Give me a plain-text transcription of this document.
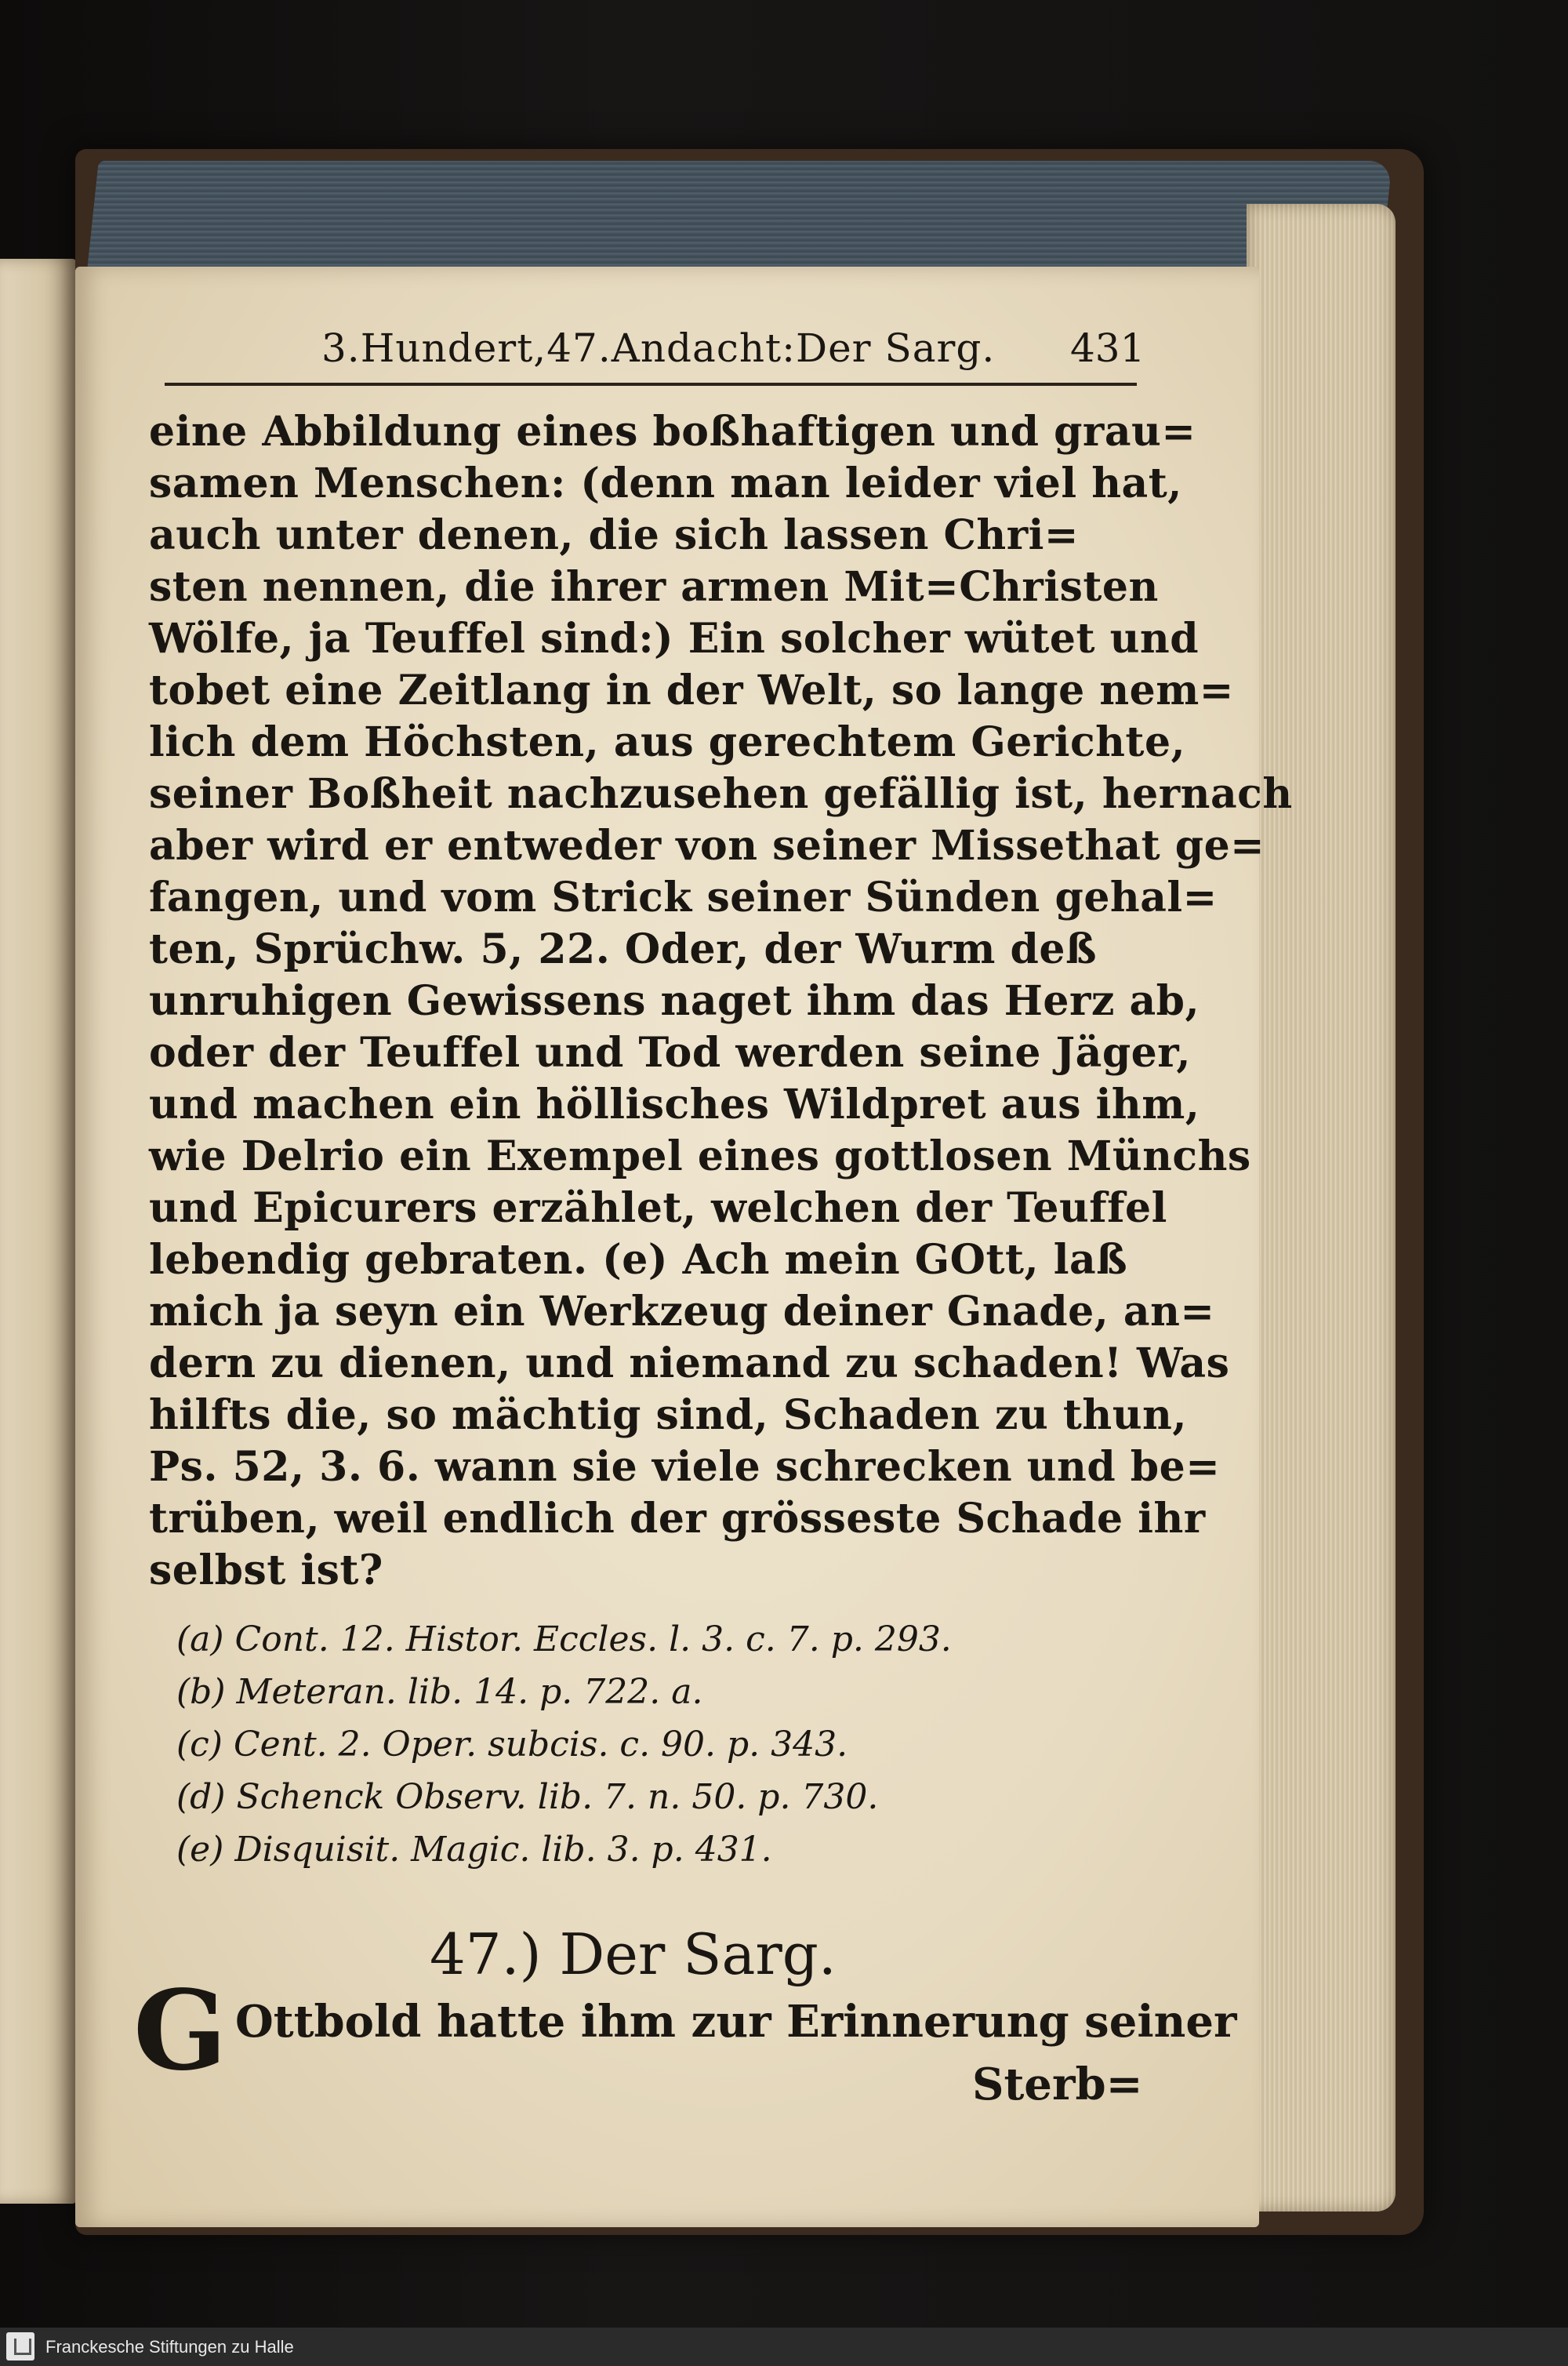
3.Hundert,47.Andacht:Der Sarg. 431

eine Abbildung eines boßhaftigen und grau=

samen Menschen: (denn man leider viel hat,

auch unter denen, die sich lassen Chri=

sten nennen, die ihrer armen Mit=Christen

Wölfe, ja Teuffel sind:) Ein solcher wütet und

tobet eine Zeitlang in der Welt, so lange nem=

lich dem Höchsten, aus gerechtem Gerichte,

seiner Boßheit nachzusehen gefällig ist, hernach

aber wird er entweder von seiner Missethat ge=

fangen, und vom Strick seiner Sünden gehal=

ten, Sprüchw. 5, 22. Oder, der Wurm deß

unruhigen Gewissens naget ihm das Herz ab,

oder der Teuffel und Tod werden seine Jäger,

und machen ein höllisches Wildpret aus ihm,

wie Delrio ein Exempel eines gottlosen Münchs

und Epicurers erzählet, welchen der Teuffel

lebendig gebraten. (e) Ach mein GOtt, laß

mich ja seyn ein Werkzeug deiner Gnade, an=

dern zu dienen, und niemand zu schaden! Was

hilfts die, so mächtig sind, Schaden zu thun,

Ps. 52, 3. 6. wann sie viele schrecken und be=

trüben, weil endlich der grösseste Schade ihr

selbst ist?

(a) Cont. 12. Histor. Eccles. l. 3. c. 7. p. 293.

(b) Meteran. lib. 14. p. 722. a.

(c) Cent. 2. Oper. subcis. c. 90. p. 343.

(d) Schenck Observ. lib. 7. n. 50. p. 730.

(e) Disquisit. Magic. lib. 3. p. 431.

47.) Der Sarg.

G Ottbold hatte ihm zur Erinnerung seiner

Sterb=

Franckesche Stiftungen zu Halle
